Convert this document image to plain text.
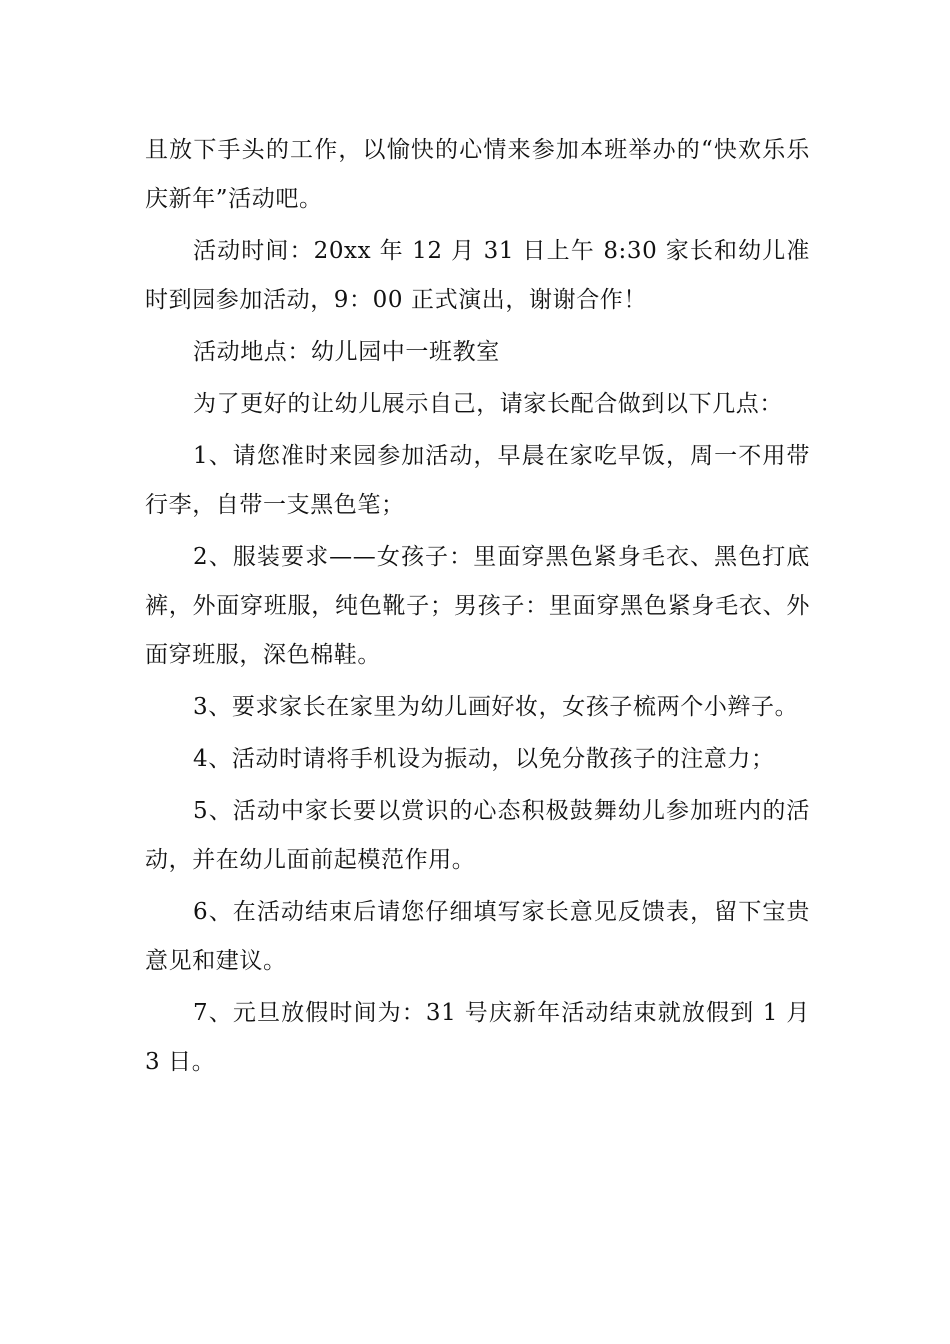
且放下手头的工作，以愉快的心情来参加本班举办的“快欢乐乐庆新年”活动吧。

活动时间：20xx 年 12 月 31 日上午 8:30 家长和幼儿准时到园参加活动，9：00 正式演出，谢谢合作！

活动地点：幼儿园中一班教室

为了更好的让幼儿展示自己，请家长配合做到以下几点：

1、请您准时来园参加活动，早晨在家吃早饭，周一不用带行李，自带一支黑色笔；

2、服装要求——女孩子：里面穿黑色紧身毛衣、黑色打底裤，外面穿班服，纯色靴子；男孩子：里面穿黑色紧身毛衣、外面穿班服，深色棉鞋。

3、要求家长在家里为幼儿画好妆，女孩子梳两个小辫子。

4、活动时请将手机设为振动，以免分散孩子的注意力；

5、活动中家长要以赏识的心态积极鼓舞幼儿参加班内的活动，并在幼儿面前起模范作用。

6、在活动结束后请您仔细填写家长意见反馈表，留下宝贵意见和建议。

7、元旦放假时间为：31 号庆新年活动结束就放假到 1 月 3 日。
